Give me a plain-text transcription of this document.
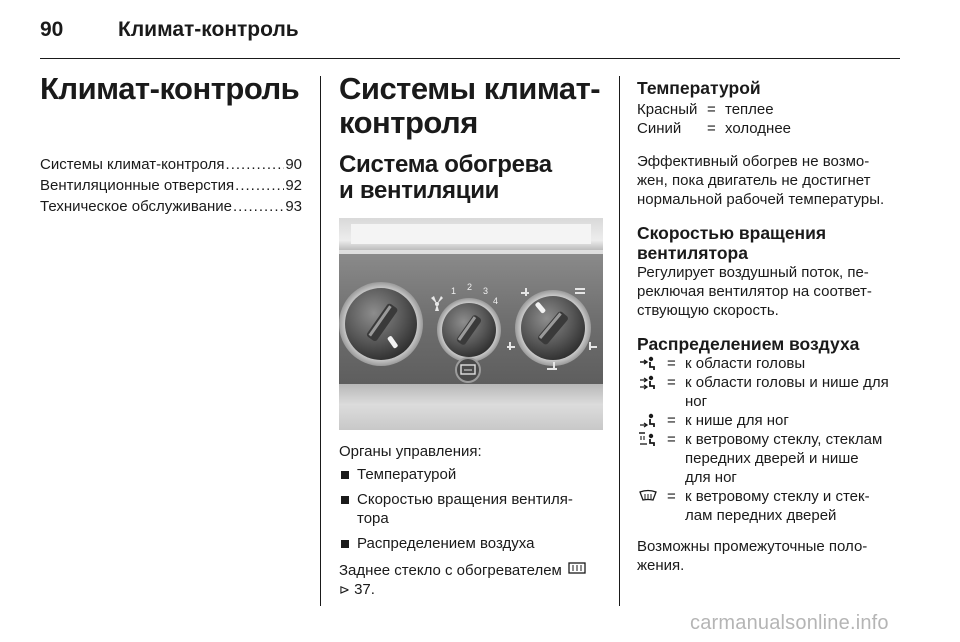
90	Климат-контроль
Климат-контроль
Системы климат-контроля .....	90
Вентиляционные отверстия .....	92
Техническое обслуживание .....	93
Системы климат-
контроля
Система обогрева
и вентиляции
1 2 3
4
Органы управления:
Температурой
Скоростью вращения вентиля-
тора
Распределением воздуха
Заднее стекло с обогревателем
⊳ 37.
Температурой
Красный = теплее
Синий	= холоднее
Эффективный обогрев не возмо-
жен, пока двигатель не достигнет
нормальной рабочей температуры.
Скоростью вращения
вентилятора
Регулирует воздушный поток, пе-
реключая вентилятор на соответ-
ствующую скорость.
Распределением воздуха
= к области головы
= к области головы и нише для
ног
= к нише для ног
= к ветровому стеклу, стеклам
передних дверей и нише
для ног
= к ветровому стеклу и стек-
лам передних дверей
Возможны промежуточные поло-
жения.
carmanualsonline.info
